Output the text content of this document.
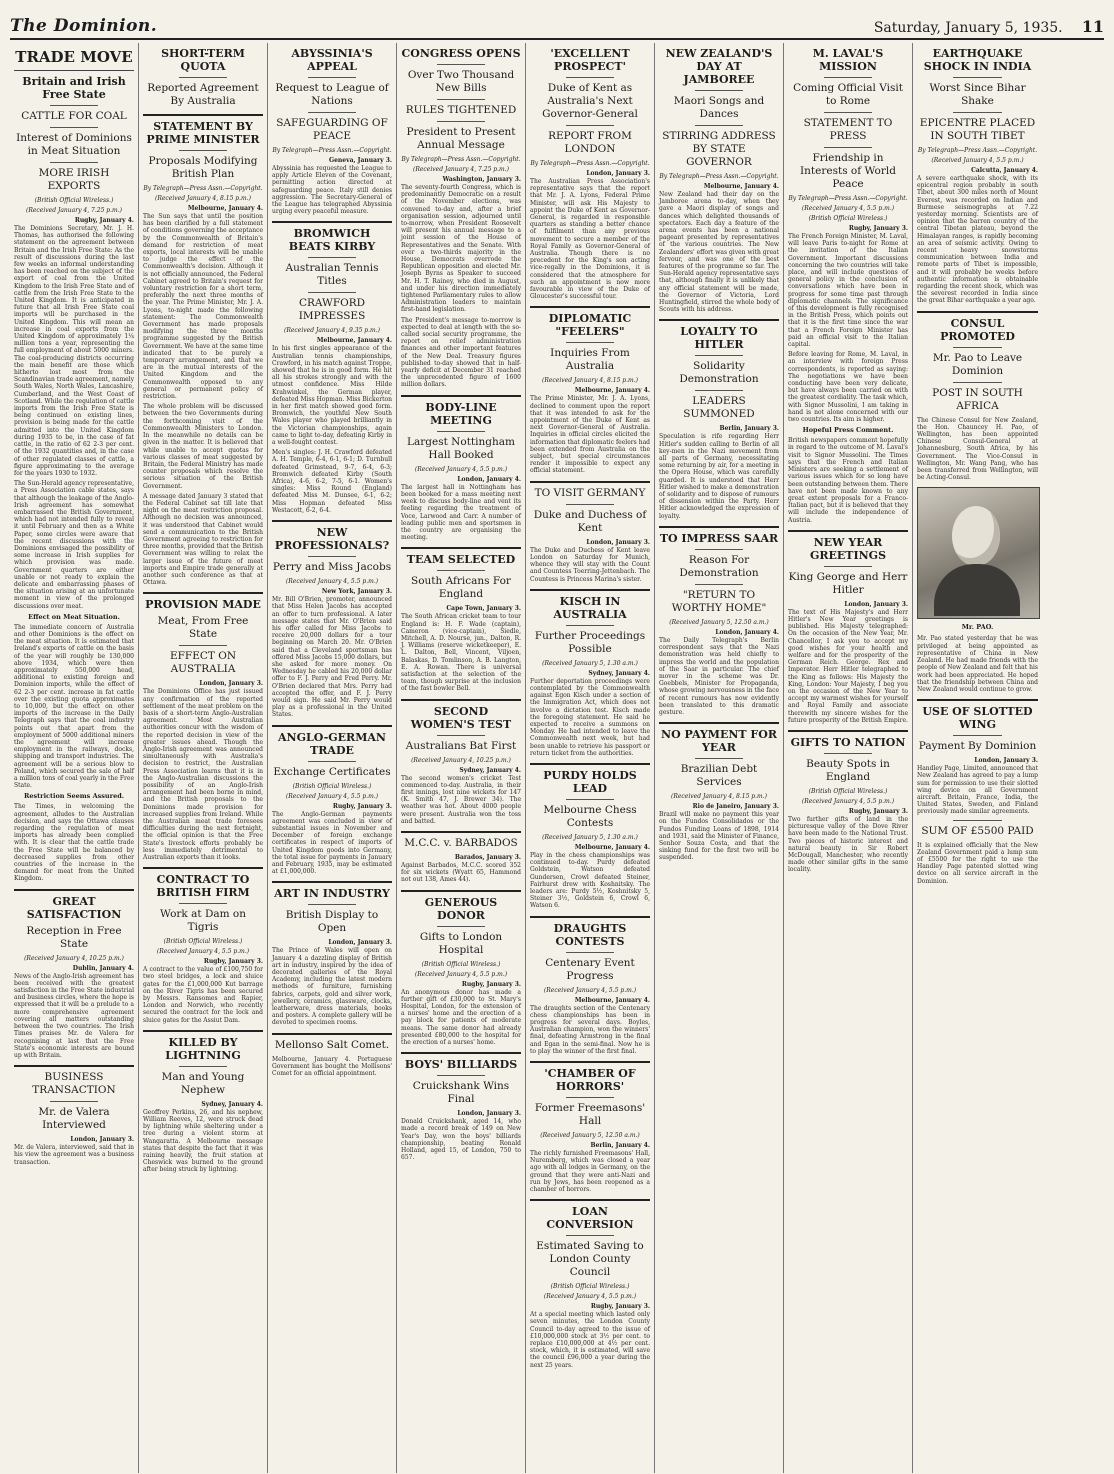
The Dominion.	Saturday, January 5, 1935. 11
TRADE MOVE
Britain and Irish Free State
CATTLE FOR COAL
Interest of Dominions in Meat Situation
MORE IRISH EXPORTS
(British Official Wireless.)
(Received January 4, 7.25 p.m.)
Rugby, January 4.
The Dominions Secretary, Mr. J. H. Thomas, has authorised the following statement on the agreement between Britain and the Irish Free State: As the result of discussions during the last few weeks an informal understanding has been reached on the subject of the export of coal from the United Kingdom to the Irish Free State and of cattle from the Irish Free State to the United Kingdom. It is anticipated in future that all Irish Free State coal imports will be purchased in the United Kingdom. This will mean an increase in coal exports from the United Kingdom of approximately 1¼ million tons a year, representing the full employment of about 5000 miners. The coal-producing districts occurring the main benefit are those which hitherto lost most from the Scandinavian trade agreement, namely South Wales, North Wales, Lancashire, Cumberland, and the West Coast of Scotland. While the regulation of cattle imports from the Irish Free State is being continued on existing lines, provision is being made for the cattle admitted into the United Kingdom during 1935 to be, in the case of fat cattle, in the ratio of 62 2-3 per cent. of the 1932 quantities and, in the case of other regulated classes of cattle, a figure approximating to the average for the years 1930 to 1932.
The Sun-Herald agency representative, a Press Association cable states, says that although the leakage of the Anglo-Irish agreement has somewhat embarrassed the British Government, which had not intended fully to reveal it until February and then as a White Paper, some circles were aware that the recent discussions with the Dominions envisaged the possibility of some increase in Irish supplies for which provision was made. Government quarters are either unable or not ready to explain the delicate and embarrassing phases of the situation arising at an unfortunate moment in view of the prolonged discussions over meat.
Effect on Meat Situation.
The immediate concern of Australia and other Dominions is the effect on the meat situation. It is estimated that Ireland's exports of cattle on the basis of the year will roughly be 130,000 above 1934, which were then approximately 550,000 head, additional to existing foreign and Dominion imports, while the effect of 62 2-3 per cent. increase in fat cattle over the existing quota approximates to 10,000, but the effect on other imports of the increase in the Daily Telegraph says that the coal industry points out that apart from the employment of 5000 additional miners the agreement will increase employment in the railways, docks, shipping and transport industries. The agreement will be a serious blow to Poland, which secured the sale of half a million tons of coal yearly in the Free State.
Restriction Seems Assured.
The Times, in welcoming the agreement, alludes to the Australian decision, and says the Ottawa clauses regarding the regulation of meat imports has already been complied with. It is clear that the cattle trade the Free State will be balanced by decreased supplies from other countries of the increase in the demand for meat from the United Kingdom.
GREAT SATISFACTION
Reception in Free State
(Received January 4, 10.25 p.m.)
Dublin, January 4.
News of the Anglo-Irish agreement has been received with the greatest satisfaction in the Free State industrial and business circles, where the hope is expressed that it will be a prelude to a more comprehensive agreement covering all matters outstanding between the two countries. The Irish Times praises Mr. de Valera for recognising at last that the Free State's economic interests are bound up with Britain.
BUSINESS TRANSACTION
Mr. de Valera Interviewed
London, January 3.
Mr. de Valera, interviewed, said that in his view the agreement was a business transaction.
SHORT-TERM QUOTA
Reported Agreement By Australia
STATEMENT BY PRIME MINISTER
Proposals Modifying British Plan
By Telegraph—Press Assn.—Copyright.
(Received January 4, 8.15 p.m.)
Melbourne, January 4.
The Sun says that until the position has been clarified by a full statement of conditions governing the acceptance by the Commonwealth of Britain's demand for restriction of meat exports, local interests will be unable to judge the effect of the Commonwealth's decision. Although it is not officially announced, the Federal Cabinet agreed to Britain's request for voluntary restriction for a short term, preferably the next three months of the year. The Prime Minister, Mr. J. A. Lyons, to-night made the following statement: The Commonwealth Government has made proposals modifying the three months programme suggested by the British Government. We have at the same time indicated that to be purely a temporary arrangement, and that we are in the mutual interests of the United Kingdom and the Commonwealth opposed to any general or permanent policy of restriction.
The whole problem will be discussed between the two Governments during the forthcoming visit of the Commonwealth Ministers to London. In the meanwhile no details can be given in the matter. It is believed that while unable to accept quotas for various classes of meat suggested by Britain, the Federal Ministry has made counter proposals which resolve the serious situation of the British Government.
A message dated January 3 stated that the Federal Cabinet sat till late that night on the meat restriction proposal. Although no decision was announced, it was understood that Cabinet would send a communication to the British Government agreeing to restriction for three months, provided that the British Government was willing to relax the larger issue of the future of meat imports and Empire trade generally at another such conference as that at Ottawa.
PROVISION MADE
Meat, From Free State
EFFECT ON AUSTRALIA
London, January 3.
The Dominions Office has just issued any confirmation of the reported settlement of the meat problem on the basis of a short-term Anglo-Australian agreement. Most Australian authorities concur with the wisdom of the reported decision in view of the greater issues ahead. Though the Anglo-Irish agreement was announced simultaneously with Australia's decision to restrict, the Australian Press Association learns that it is in the Anglo-Australian discussions the possibility of an Anglo-Irish arrangement had been borne in mind, and the British proposals to the Dominions made provision for increased supplies from Ireland. While the Australian meat trade foresees difficulties during the next fortnight, the official opinion is that the Free State's livestock efforts probably be less immediately detrimental to Australian exports than it looks.
CONTRACT TO BRITISH FIRM
Work at Dam on Tigris
(British Official Wireless.)
(Received January 4, 5.5 p.m.)
Rugby, January 3.
A contract to the value of £100,750 for two steel bridges, a lock and sluice gates for the £1,000,000 Kut barrage on the River Tigris has been secured by Messrs. Ransomes and Rapier, London and Norwich, who recently secured the contract for the lock and sluice gates for the Assiut Dam.
KILLED BY LIGHTNING
Man and Young Nephew
Sydney, January 4.
Geoffrey Perkins, 26, and his nephew, William Reeves, 12, were struck dead by lightning while sheltering under a tree during a violent storm at Wangaratta. A Melbourne message states that despite the fact that it was raining heavily, the fruit station at Cheswick was burned to the ground after being struck by lightning.
ABYSSINIA'S APPEAL
Request to League of Nations
SAFEGUARDING OF PEACE
By Telegraph—Press Assn.—Copyright.
Geneva, January 3.
Abyssinia has requested the League to apply Article Eleven of the Covenant, permitting action directed at safeguarding peace. Italy still denies aggression. The Secretary-General of the League has telegraphed Abyssinia urging every peaceful measure.
BROMWICH BEATS KIRBY
Australian Tennis Titles
CRAWFORD IMPRESSES
(Received January 4, 9.35 p.m.)
Melbourne, January 4.
In his first singles appearance of the Australian tennis championships, Crawford, in his match against Troppe, showed that he is in good form. He hit all his strokes strongly and with the utmost confidence. Miss Hilde Krahwinkel, the German player, defeated Miss Hopman. Miss Bickerton in her first match showed good form. Bromwich, the youthful New South Wales player who played brilliantly in the Victorian championships, again came to light to-day, defeating Kirby in a well-fought contest.
Men's singles: J. H. Crawford defeated A. H. Temple, 6-4, 6-1, 6-1; D. Turnbull defeated Grimstead, 9-7, 6-4, 6-3; Bromwich defeated Kirby (South Africa), 4-6, 6-2, 7-5, 6-1. Women's singles: Miss Round (England) defeated Miss M. Dunsee, 6-1, 6-2; Miss Hopman defeated Miss Westacott, 6-2, 6-4.
NEW PROFESSIONALS?
Perry and Miss Jacobs
(Received January 4, 5.5 p.m.)
New York, January 3.
Mr. Bill O'Brien, promoter, announced that Miss Helen Jacobs has accepted an offer to turn professional. A later message states that Mr. O'Brien said his offer called for Miss Jacobs to receive 20,000 dollars for a tour beginning on March 20. Mr. O'Brien said that a Cleveland sportsman has offered Miss Jacobs 15,000 dollars, but she asked for more money. On Wednesday he cabled his 20,000 dollar offer to F. J. Perry and Fred Perry. Mr. O'Brien declared that Mrs. Perry had accepted the offer, and F. J. Perry would sign. He said Mr. Perry would play as a professional in the United States.
ANGLO-GERMAN TRADE
Exchange Certificates
(British Official Wireless.)
(Received January 4, 5.5 p.m.)
Rugby, January 3.
The Anglo-German payments agreement was concluded in view of substantial issues in November and December of foreign exchange certificates in respect of imports of United Kingdom goods into Germany, the total issue for payments in January and February, 1935, may be estimated at £1,000,000.
ART IN INDUSTRY
British Display to Open
London, January 3.
The Prince of Wales will open on January 4 a dazzling display of British art in industry, inspired by the idea of decorated galleries of the Royal Academy, including the latest modern methods of furniture, furnishing fabrics, carpets, gold and silver work, jewellery, ceramics, glassware, clocks, leatherware, dress materials, books and posters. A complete gallery will be devoted to specimen rooms.
Mellonso Salt Comet.
Melbourne, January 4. Portuguese Government has bought the Mollisons' Comet for an official appointment.
CONGRESS OPENS
Over Two Thousand New Bills
RULES TIGHTENED
President to Present Annual Message
By Telegraph—Press Assn.—Copyright.
(Received January 4, 7.25 p.m.)
Washington, January 3.
The seventy-fourth Congress, which is predominantly Democratic on a result of the November elections, was convened to-day and, after a brief organisation session, adjourned until to-morrow, when President Roosevelt will present his annual message to a joint session of the House of Representatives and the Senate. With over a two-thirds majority in the House, Democrats overrode the Republican opposition and elected Mr. Joseph Byrns as Speaker to succeed Mr. H. T. Rainey, who died in August, and under his direction immediately tightened Parliamentary rules to allow Administration leaders to maintain first-hand legislation.
The President's message to-morrow is expected to deal at length with the so-called social security programme, the report on relief administration finances and other important features of the New Deal. Treasury figures published to-day showed that in half-yearly deficit at December 31 reached the unprecedented figure of 1600 million dollars.
BODY-LINE MEETING
Largest Nottingham Hall Booked
(Received January 4, 5.5 p.m.)
London, January 4.
The largest hall in Nottingham has been booked for a mass meeting next week to discuss body-line and vent its feeling regarding the treatment of Voce, Larwood and Carr. A number of leading public men and sportsmen in the country are organising the meeting.
TEAM SELECTED
South Africans For England
Cape Town, January 3.
The South African cricket team to tour England is: H. F. Wade (captain), Cameron (vice-captain), Siedle, Mitchell, A. D. Nourse, jun., Dalton, R. J. Williams (reserve wicketkeeper), E. L. Dalton, Bell, Vincent, Viljoen, Balaskas, D. Tomlinson, A. B. Langton, E. A. Rowan. There is universal satisfaction at the selection of the team, though surprise at the inclusion of the fast bowler Bell.
SECOND WOMEN'S TEST
Australians Bat First
(Received January 4, 10.25 p.m.)
Sydney, January 4.
The second women's cricket Test commenced to-day. Australia, in their first innings, lost nine wickets for 147 (K. Smith 47, J. Brewer 34). The weather was hot. About 4000 people were present. Australia won the toss and batted.
M.C.C. v. BARBADOS
Barados, January 3.
Against Barbados, M.C.C. scored 352 for six wickets (Wyatt 65, Hammond not out 138, Ames 44).
GENEROUS DONOR
Gifts to London Hospital
(British Official Wireless.)
(Received January 4, 5.5 p.m.)
Rugby, January 3.
An anonymous donor has made a further gift of £30,000 to St. Mary's Hospital, London, for the extension of a nurses' home and the erection of a pay block for patients of moderate means. The same donor had already presented £80,000 to the hospital for the erection of a nurses' home.
BOYS' BILLIARDS
Cruickshank Wins Final
London, January 3.
Donald Cruickshank, aged 14, who made a record break of 149 on New Year's Day, won the boys' billiards championship, beating Ronald Holland, aged 15, of London, 750 to 657.
'EXCELLENT PROSPECT'
Duke of Kent as Australia's Next Governor-General
REPORT FROM LONDON
By Telegraph—Press Assn.—Copyright.
London, January 3.
The Australian Press Association's representative says that the report that Mr. J. A. Lyons, Federal Prime Minister, will ask His Majesty to appoint the Duke of Kent as Governor-General, is regarded in responsible quarters as standing a better chance of fulfilment than any previous movement to secure a member of the Royal Family as Governor-General of Australia. Though there is no precedent for the King's son acting vice-regally in the Dominions, it is considered that the atmosphere for such an appointment is now more favourable in view of the Duke of Gloucester's successful tour.
DIPLOMATIC "FEELERS"
Inquiries From Australia
(Received January 4, 8.15 p.m.)
Melbourne, January 4.
The Prime Minister, Mr. J. A. Lyons, declined to comment upon the report that it was intended to ask for the appointment of the Duke of Kent as next Governor-General of Australia. Inquiries in official circles elicited the information that diplomatic feelers had been extended from Australia on the subject, but special circumstances render it impossible to expect any official statement.
TO VISIT GERMANY
Duke and Duchess of Kent
London, January 3.
The Duke and Duchess of Kent leave London on Saturday for Munich, whence they will stay with the Count and Countess Toerring-Jettenbach. The Countess is Princess Marina's sister.
KISCH IN AUSTRALIA
Further Proceedings Possible
(Received January 5, 1.30 a.m.)
Sydney, January 4.
Further deportation proceedings were contemplated by the Commonwealth against Egon Kisch under a section of the Immigration Act, which does not involve a dictation test. Kisch made the foregoing statement. He said he expected to receive a summons on Monday. He had intended to leave the Commonwealth next week, but had been unable to retrieve his passport or return ticket from the authorities.
PURDY HOLDS LEAD
Melbourne Chess Contests
(Received January 5, 1.30 a.m.)
Melbourne, January 4.
Play in the chess championships was continued to-day. Purdy defeated Goldstein, Watson defeated Gundersen, Crowl defeated Steiner, Fairhurst drew with Koshnitsky. The leaders are: Purdy 5½, Koshnitsky 5, Steiner 3½, Goldstein 6, Crowl 6, Watson 6.
DRAUGHTS CONTESTS
Centenary Event Progress
(Received January 4, 5.5 p.m.)
Melbourne, January 4.
The draughts section of the Centenary chess championships has been in progress for several days. Boyles, Australian champion, won the winners' final, defeating Armstrong in the final and Egan in the semi-final. Now he is to play the winner of the first final.
'CHAMBER OF HORRORS'
Former Freemasons' Hall
(Received January 5, 12.50 a.m.)
Berlin, January 4.
The richly furnished Freemasons' Hall, Nuremberg, which was closed a year ago with all lodges in Germany, on the ground that they were anti-Nazi and run by Jews, has been reopened as a chamber of horrors.
LOAN CONVERSION
Estimated Saving to London County Council
(British Official Wireless.)
(Received January 4, 5.5 p.m.)
Rugby, January 3.
At a special meeting which lasted only seven minutes, the London County Council to-day agreed to the issue of £10,000,000 stock at 3½ per cent. to replace £10,000,000 at 4½ per cent. stock, which, it is estimated, will save the council £96,000 a year during the next 25 years.
NEW ZEALAND'S DAY AT JAMBOREE
Maori Songs and Dances
STIRRING ADDRESS BY STATE GOVERNOR
By Telegraph—Press Assn.—Copyright.
Melbourne, January 4.
New Zealand had their day on the Jamboree arena to-day, when they gave a Maori display of songs and dances which delighted thousands of spectators. Each day a feature of the arena events has been a national pageant presented by representatives of the various countries. The New Zealanders' effort was given with great fervour, and was one of the best features of the programme so far. The Sun-Herald agency representative says that, although finally it is unlikely that any official statement will be made, the Governor of Victoria, Lord Huntingfield, stirred the whole body of Scouts with his address.
LOYALTY TO HITLER
Solidarity Demonstration
LEADERS SUMMONED
Berlin, January 3.
Speculation is rife regarding Herr Hitler's sudden calling to Berlin of all key-men in the Nazi movement from all parts of Germany, necessitating some returning by air, for a meeting in the Opera House, which was carefully guarded. It is understood that Herr Hitler wished to make a demonstration of solidarity and to dispose of rumours of dissension within the Party. Herr Hitler acknowledged the expression of loyalty.
TO IMPRESS SAAR
Reason For Demonstration
"RETURN TO WORTHY HOME"
(Received January 5, 12.50 a.m.)
London, January 4.
The Daily Telegraph's Berlin correspondent says that the Nazi demonstration was held chiefly to impress the world and the population of the Saar in particular. The chief mover in the scheme was Dr. Goebbels, Minister for Propaganda, whose growing nervousness in the face of recent rumours has now evidently been translated to this dramatic gesture.
NO PAYMENT FOR YEAR
Brazilian Debt Services
(Received January 4, 8.15 p.m.)
Rio de Janeiro, January 3.
Brazil will make no payment this year on the Fundos Consolidados or the Fundos Funding Loans of 1898, 1914 and 1931, said the Minister of Finance, Senhor Souza Costa, and that the sinking fund for the first two will be suspended.
M. LAVAL'S MISSION
Coming Official Visit to Rome
STATEMENT TO PRESS
Friendship in Interests of World Peace
By Telegraph—Press Assn.—Copyright.
(Received January 4, 5.5 p.m.)
(British Official Wireless.)
Rugby, January 3.
The French Foreign Minister, M. Laval, will leave Paris to-night for Rome at the invitation of the Italian Government. Important discussions concerning the two countries will take place, and will include questions of general policy in the conclusion of conversations which have been in progress for some time past through diplomatic channels. The significance of this development is fully recognised in the British Press, which points out that it is the first time since the war that a French Foreign Minister has paid an official visit to the Italian capital.
Before leaving for Rome, M. Laval, in an interview with foreign Press correspondents, is reported as saying: The negotiations we have been conducting have been very delicate, but have always been carried on with the greatest cordiality. The task which, with Signor Mussolini, I am taking in hand is not alone concerned with our two countries. Its aim is higher.
Hopeful Press Comment.
British newspapers comment hopefully in regard to the outcome of M. Laval's visit to Signor Mussolini. The Times says that the French and Italian Ministers are seeking a settlement of various issues which for so long have been outstanding between them. There have not been made known to any great extent proposals for a Franco-Italian pact, but it is believed that they will include the independence of Austria.
NEW YEAR GREETINGS
King George and Herr Hitler
London, January 3.
The text of His Majesty's and Herr Hitler's New Year greetings is published. His Majesty telegraphed: On the occasion of the New Year, Mr. Chancellor, I ask you to accept my good wishes for your health and welfare and for the prosperity of the German Reich. George. Rex and Imperator. Herr Hitler telegraphed to the King as follows: His Majesty the King, London: Your Majesty, I beg you on the occasion of the New Year to accept my warmest wishes for yourself and Royal Family and associate therewith my sincere wishes for the future prosperity of the British Empire.
GIFTS TO NATION
Beauty Spots in England
(British Official Wireless.)
(Received January 4, 5.5 p.m.)
Rugby, January 3.
Two further gifts of land in the picturesque valley of the Dove River have been made to the National Trust. Two pieces of historic interest and natural beauty in Sir Robert McDougall, Manchester, who recently made other similar gifts in the same locality.
EARTHQUAKE SHOCK IN INDIA
Worst Since Bihar Shake
EPICENTRE PLACED IN SOUTH TIBET
By Telegraph—Press Assn.—Copyright.
(Received January 4, 5.5 p.m.)
Calcutta, January 4.
A severe earthquake shock, with its epicentral region probably in south Tibet, about 300 miles north of Mount Everest, was recorded on Indian and Burmese seismographs at 7.22 yesterday morning. Scientists are of opinion that the barren country of the central Tibetan plateau, beyond the Himalayan ranges, is rapidly becoming an area of seismic activity. Owing to recent heavy snowstorms communication between India and remote parts of Tibet is impossible, and it will probably be weeks before authentic information is obtainable regarding the recent shock, which was the severest recorded in India since the great Bihar earthquake a year ago.
CONSUL PROMOTED
Mr. Pao to Leave Dominion
POST IN SOUTH AFRICA
The Chinese Consul for New Zealand, the Hon. Chauncey H. Pao, of Wellington, has been appointed Chinese Consul-General at Johannesburg, South Africa, by his Government. The Vice-Consul in Wellington, Mr. Wang Pang, who has been transferred from Wellington, will be Acting-Consul.
Mr. PAO.
Mr. Pao stated yesterday that he was privileged at being appointed as representative of China in New Zealand. He had made friends with the people of New Zealand and felt that his work had been appreciated. He hoped that the friendship between China and New Zealand would continue to grow.
USE OF SLOTTED WING
Payment By Dominion
London, January 3.
Handley Page, Limited, announced that New Zealand has agreed to pay a lump sum for permission to use their slotted wing device on all Government aircraft. Britain, France, India, the United States, Sweden, and Finland previously made similar agreements.
SUM OF £5500 PAID
It is explained officially that the New Zealand Government paid a lump sum of £5500 for the right to use the Handley Page patented slotted wing device on all service aircraft in the Dominion.
